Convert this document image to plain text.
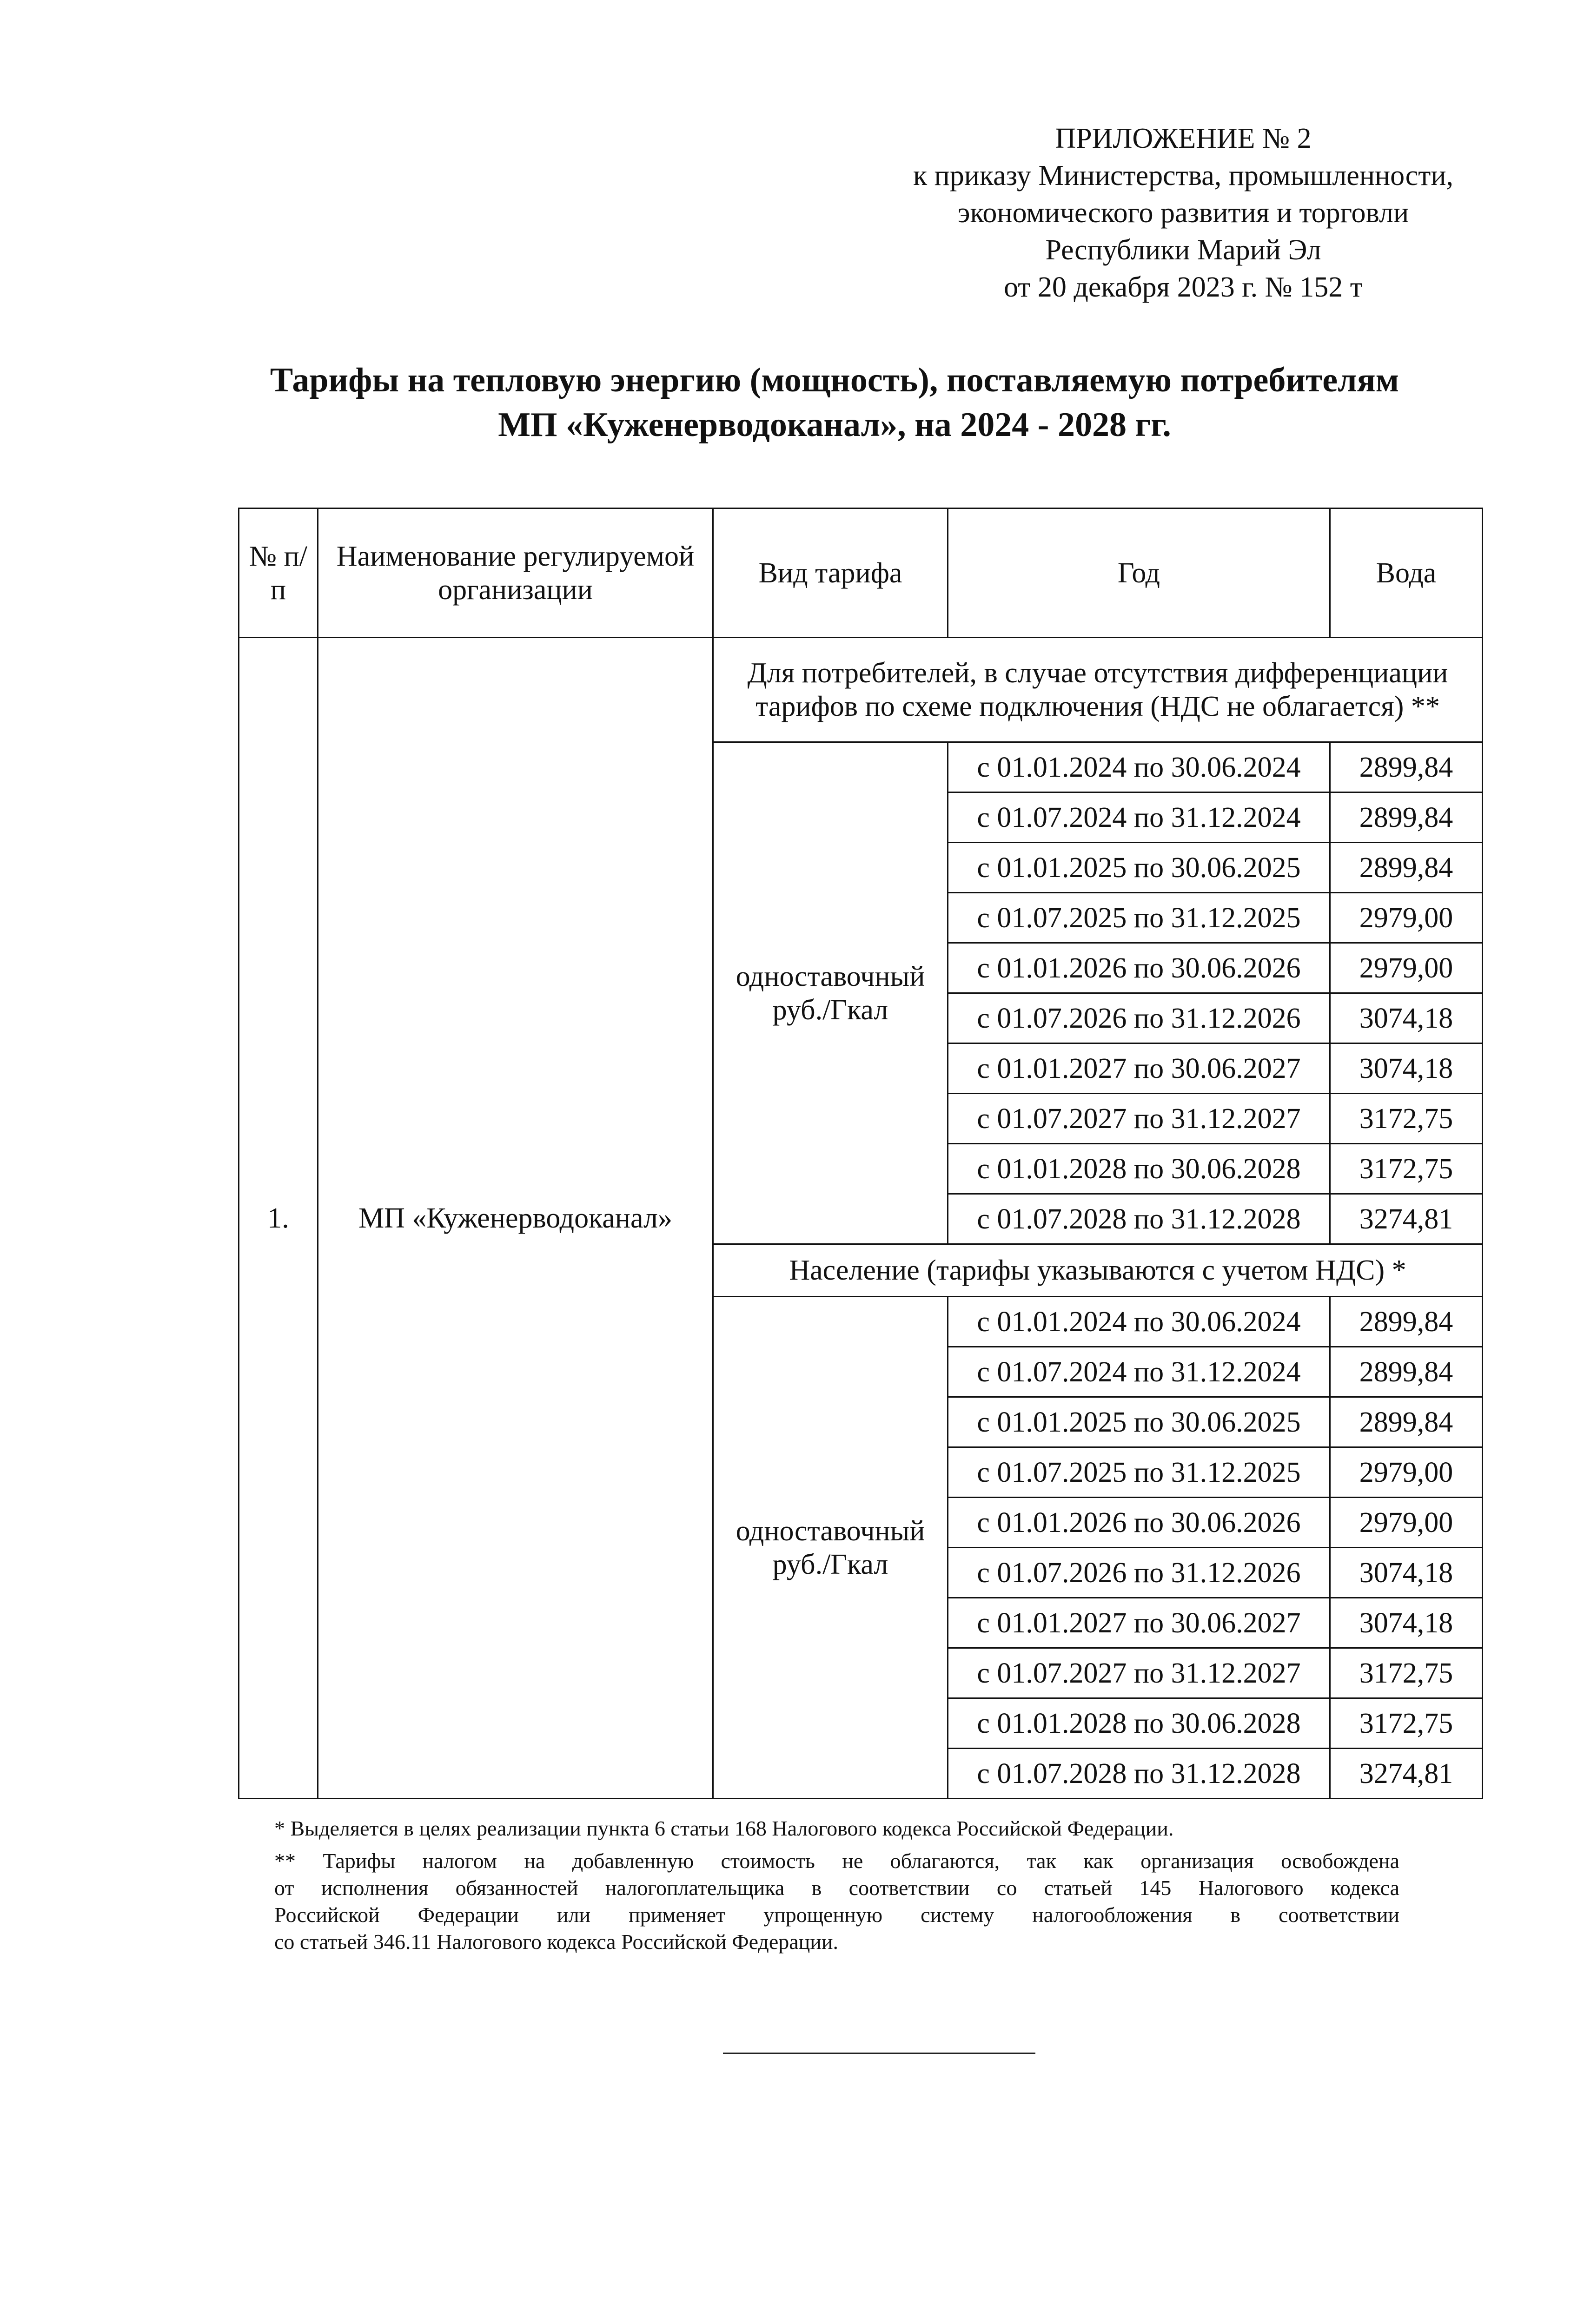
ПРИЛОЖЕНИЕ № 2
к приказу Министерства, промышленности,
экономического развития и торговли
Республики Марий Эл
от 20 декабря 2023 г. № 152 т
Тарифы на тепловую энергию (мощность), поставляемую потребителям
МП «Куженерводоканал», на 2024 - 2028 гг.
№ п/п	Наименование регулируемой организации	Вид тарифа	Год	Вода
1.	МП «Куженерводоканал»	Для потребителей, в случае отсутствия дифференциации тарифов по схеме подключения (НДС не облагается) **		
		одноставочный руб./Гкал	с 01.01.2024 по 30.06.2024	2899,84
			с 01.07.2024 по 31.12.2024	2899,84
			с 01.01.2025 по 30.06.2025	2899,84
			с 01.07.2025 по 31.12.2025	2979,00
			с 01.01.2026 по 30.06.2026	2979,00
			с 01.07.2026 по 31.12.2026	3074,18
			с 01.01.2027 по 30.06.2027	3074,18
			с 01.07.2027 по 31.12.2027	3172,75
			с 01.01.2028 по 30.06.2028	3172,75
			с 01.07.2028 по 31.12.2028	3274,81
		Население (тарифы указываются с учетом НДС) *		
		одноставочный руб./Гкал	с 01.01.2024 по 30.06.2024	2899,84
			с 01.07.2024 по 31.12.2024	2899,84
			с 01.01.2025 по 30.06.2025	2899,84
			с 01.07.2025 по 31.12.2025	2979,00
			с 01.01.2026 по 30.06.2026	2979,00
			с 01.07.2026 по 31.12.2026	3074,18
			с 01.01.2027 по 30.06.2027	3074,18
			с 01.07.2027 по 31.12.2027	3172,75
			с 01.01.2028 по 30.06.2028	3172,75
			с 01.07.2028 по 31.12.2028	3274,81
* Выделяется в целях реализации пункта 6 статьи 168 Налогового кодекса Российской Федерации.
** Тарифы налогом на добавленную стоимость не облагаются, так как организация освобождена
от исполнения обязанностей налогоплательщика в соответствии со статьей 145 Налогового кодекса
Российской Федерации или применяет упрощенную систему налогообложения в соответствии
со статьей 346.11 Налогового кодекса Российской Федерации.
